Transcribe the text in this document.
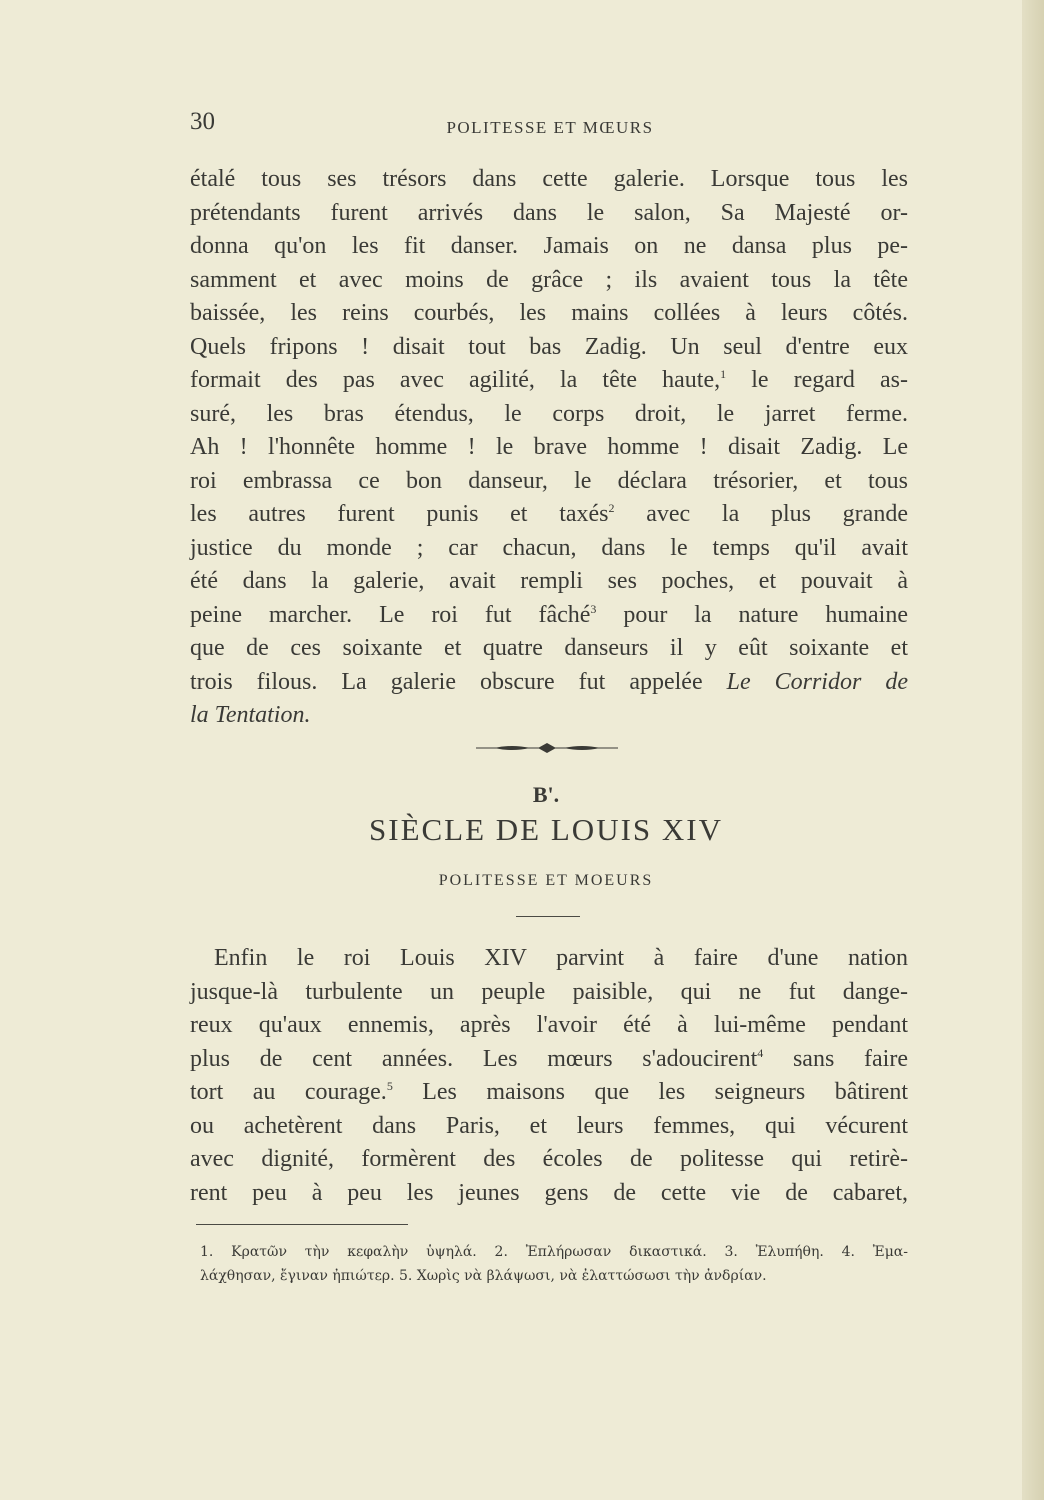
30	POLITESSE ET MŒURS
étalé tous ses trésors dans cette galerie. Lorsque tous les
prétendants furent arrivés dans le salon, Sa Majesté or-
donna qu'on les fit danser. Jamais on ne dansa plus pe-
samment et avec moins de grâce ; ils avaient tous la tête
baissée, les reins courbés, les mains collées à leurs côtés.
Quels fripons ! disait tout bas Zadig. Un seul d'entre eux
formait des pas avec agilité, la tête haute,$^1$ le regard as-
suré, les bras étendus, le corps droit, le jarret ferme.
Ah ! l'honnête homme ! le brave homme ! disait Zadig. Le
roi embrassa ce bon danseur, le déclara trésorier, et tous
les autres furent punis et taxés$^2$ avec la plus grande
justice du monde ; car chacun, dans le temps qu'il avait
été dans la galerie, avait rempli ses poches, et pouvait à
peine marcher. Le roi fut fâché$^3$ pour la nature humaine
que de ces soixante et quatre danseurs il y eût soixante et
trois filous. La galerie obscure fut appelée Le Corridor de
la Tentation.
B'.
SIÈCLE DE LOUIS XIV
POLITESSE ET MOEURS
Enfin le roi Louis XIV parvint à faire d'une nation
jusque-là turbulente un peuple paisible, qui ne fut dange-
reux qu'aux ennemis, après l'avoir été à lui-même pendant
plus de cent années. Les mœurs s'adoucirent$^4$ sans faire
tort au courage.$^5$ Les maisons que les seigneurs bâtirent
ou achetèrent dans Paris, et leurs femmes, qui vécurent
avec dignité, formèrent des écoles de politesse qui retirè-
rent peu à peu les jeunes gens de cette vie de cabaret,
1. Κρατῶν τὴν κεφαλὴν ὑψηλά. 2. Ἐπλήρωσαν δικαστικά. 3. Ἐλυπήθη. 4. Ἐμα-
λάχθησαν, ἔγιναν ἠπιώτερ. 5. Χωρὶς νὰ βλάψωσι, νὰ ἐλαττώσωσι τὴν ἀνδρίαν.
